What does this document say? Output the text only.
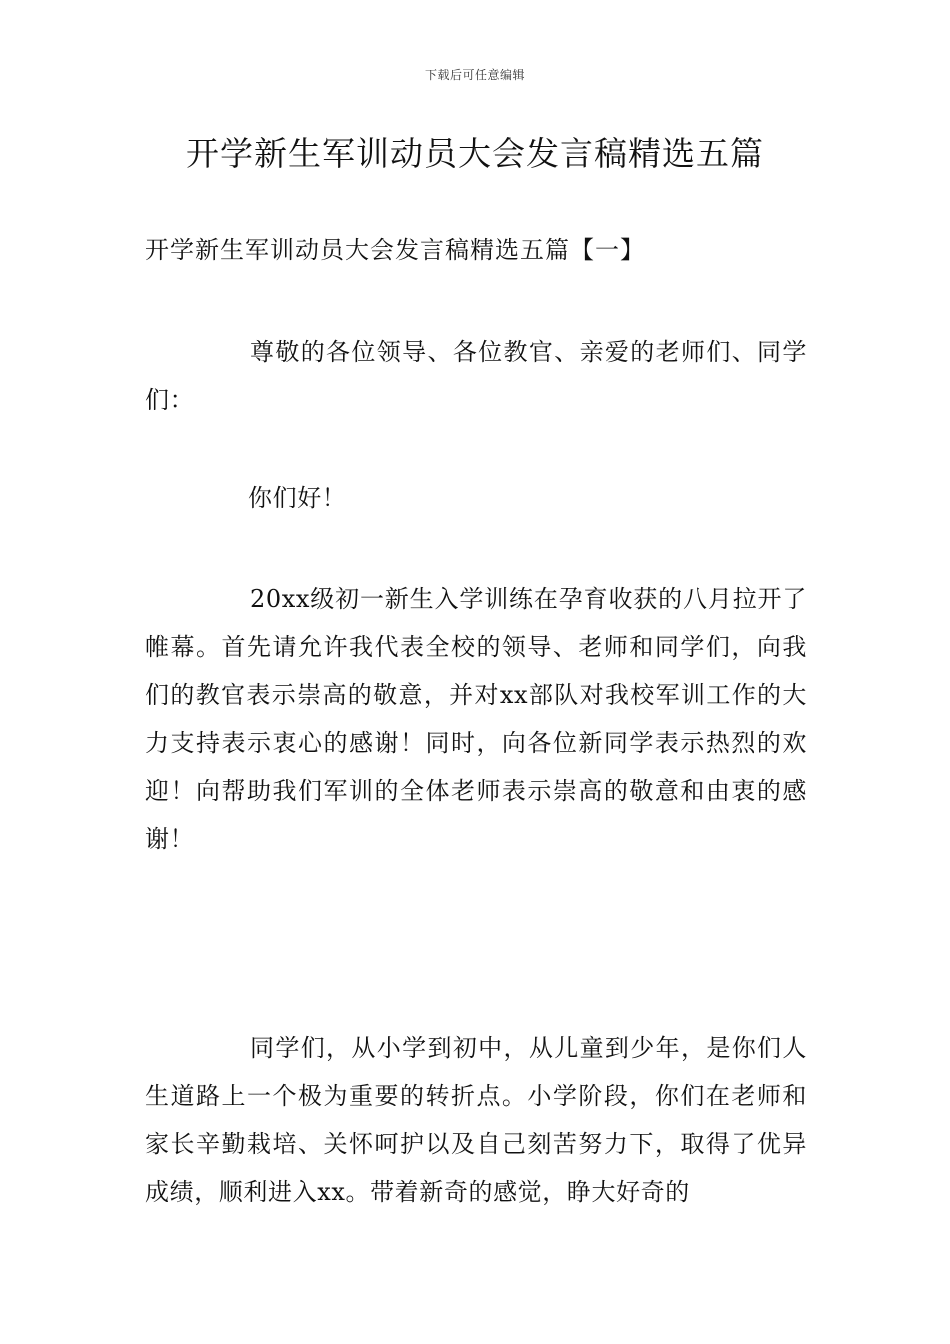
下载后可任意编辑
开学新生军训动员大会发言稿精选五篇
开学新生军训动员大会发言稿精选五篇【一】

尊敬的各位领导、各位教官、亲爱的老师们、同学们：

你们好！

20xx级初一新生入学训练在孕育收获的八月拉开了帷幕。首先请允许我代表全校的领导、老师和同学们，向我们的教官表示崇高的敬意，并对xx部队对我校军训工作的大力支持表示衷心的感谢！同时，向各位新同学表示热烈的欢迎！向帮助我们军训的全体老师表示崇高的敬意和由衷的感谢！

同学们，从小学到初中，从儿童到少年，是你们人生道路上一个极为重要的转折点。小学阶段，你们在老师和家长辛勤栽培、关怀呵护以及自己刻苦努力下，取得了优异成绩，顺利进入xx。带着新奇的感觉，睁大好奇的
